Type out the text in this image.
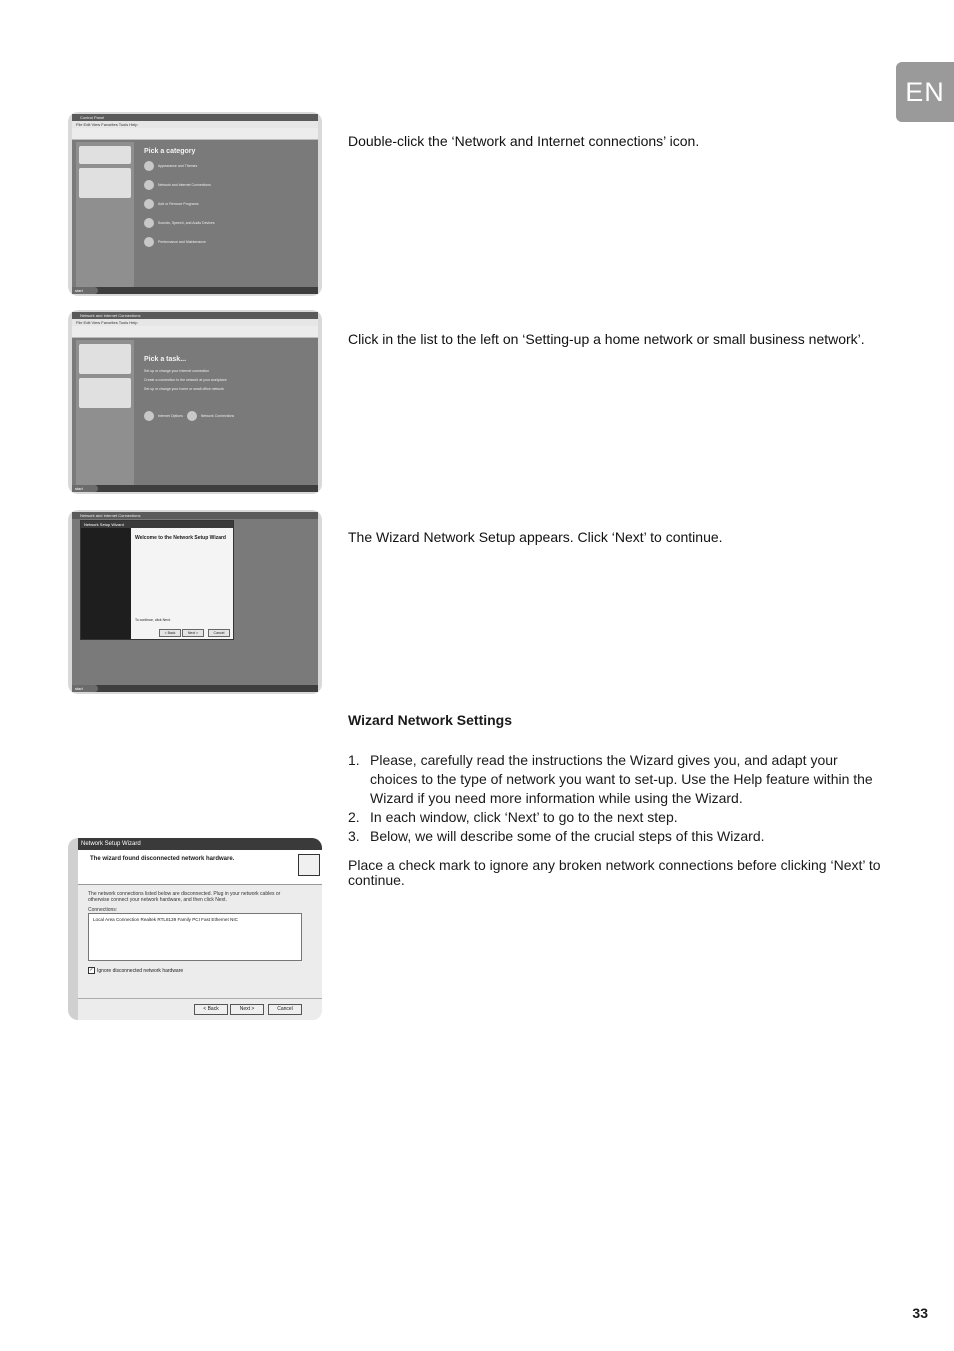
EN
Control Panel
File Edit View Favorites Tools Help
Pick a category
Appearance and Themes
Network and Internet Connections
Add or Remove Programs
Sounds, Speech, and Audio Devices
Performance and Maintenance
start
Double-click the ‘Network and Internet connections’ icon.
Network and Internet Connections
File Edit View Favorites Tools Help
Pick a task...
Set up or change your Internet connection
Create a connection to the network at your workplace
Set up or change your home or small office network
Internet Options	Network Connections
start
Click in the list to the left on ‘Setting-up a home network or small business network’.
Network and Internet Connections
Network Setup Wizard
Welcome to the Network Setup Wizard
To continue, click Next.
< Back	Next >	Cancel
start
The Wizard Network Setup appears. Click ‘Next’ to continue.
Wizard Network Settings
1. Please, carefully read the instructions the Wizard gives you, and adapt your choices to the type of network you want to set-up. Use the Help feature within the Wizard if you need more information while using the Wizard.
2. In each window, click ‘Next’ to go to the next step.
3. Below, we will describe some of the crucial steps of this Wizard.
Network Setup Wizard
The wizard found disconnected network hardware.
The network connections listed below are disconnected. Plug in your network cables or otherwise connect your network hardware, and then click Next.
Connections:
Local Area Connection Realtek RTL8139 Family PCI Fast Ethernet NIC
✓ Ignore disconnected network hardware
< Back	Next >	Cancel
Place a check mark to ignore any broken network connections before clicking ‘Next’ to continue.
33
